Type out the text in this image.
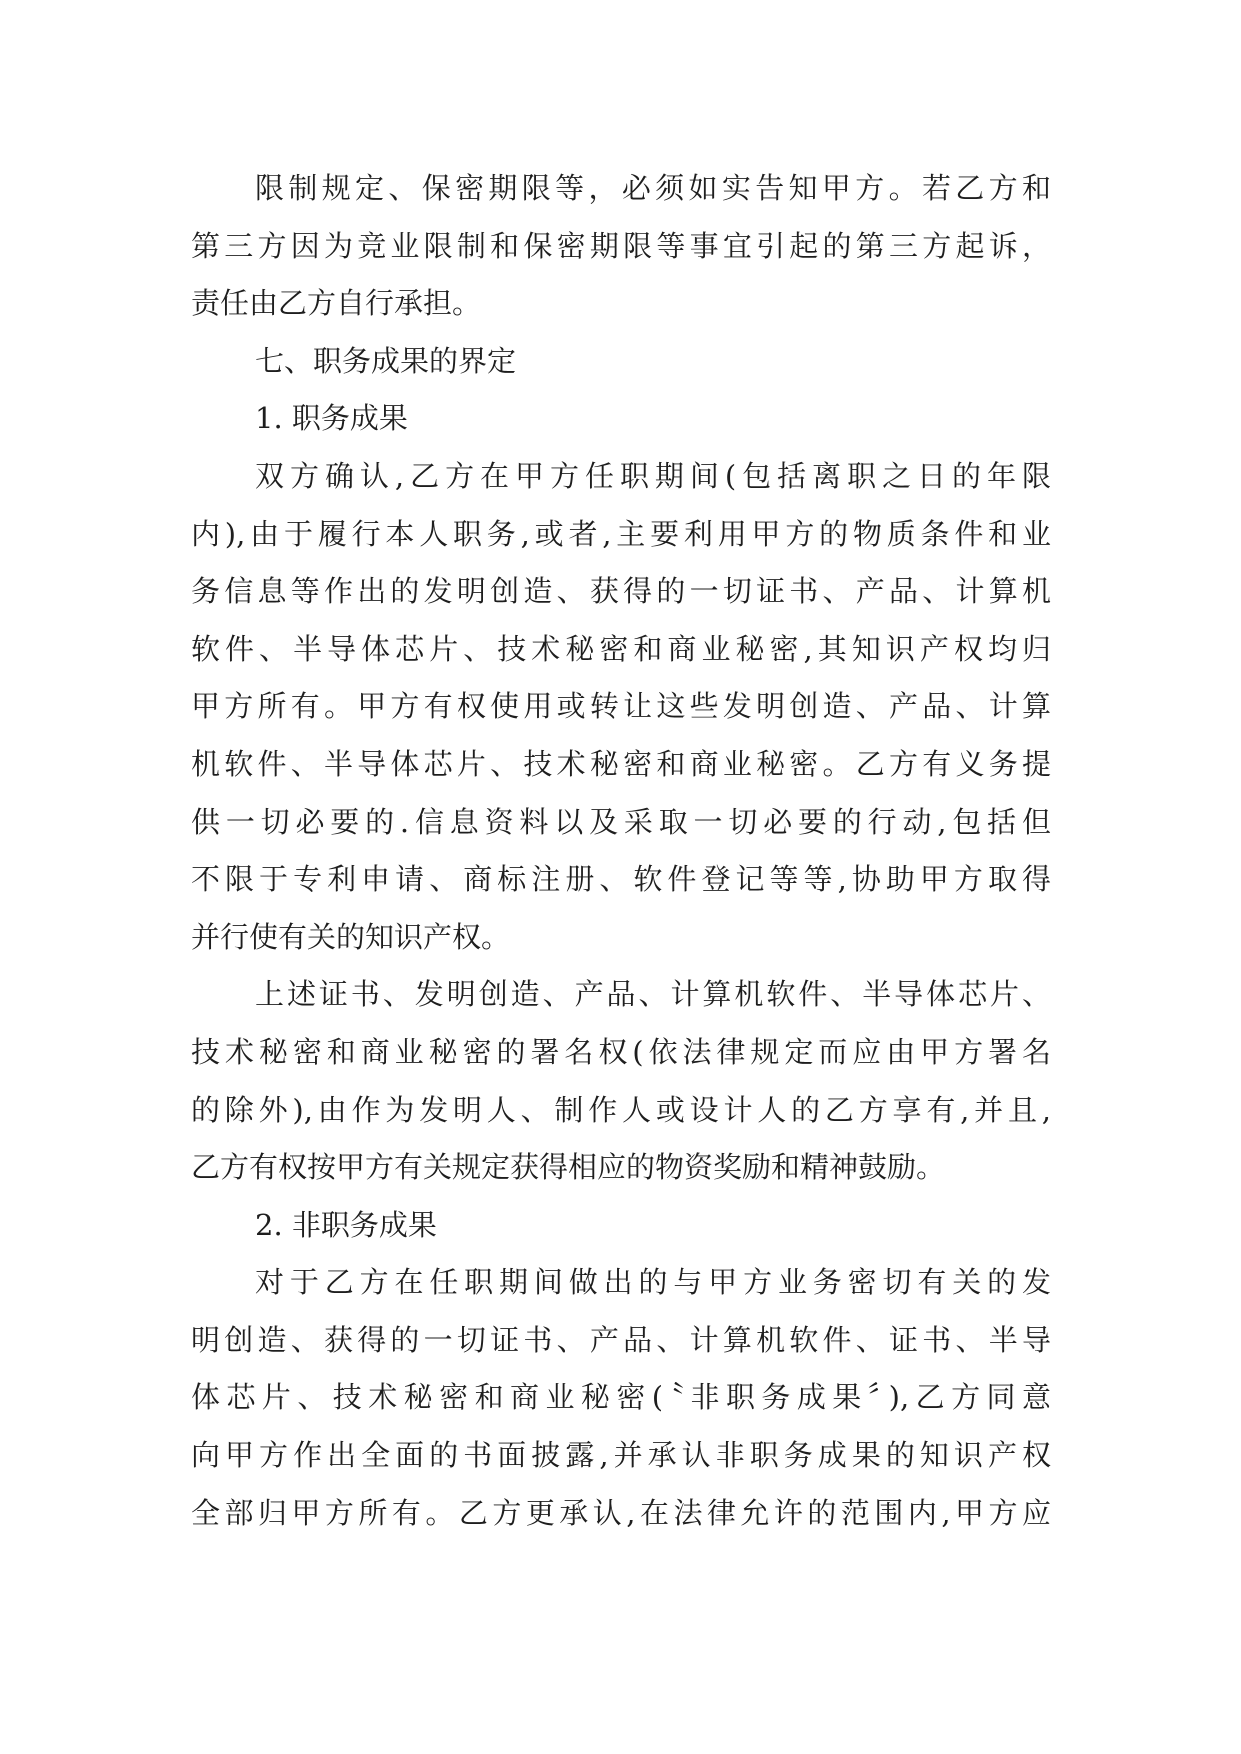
限制规定、保密期限等，必须如实告知甲方。若乙方和
第三方因为竞业限制和保密期限等事宜引起的第三方起诉，
责任由乙方自行承担。
七、职务成果的界定
1. 职务成果
双方确认,乙方在甲方任职期间(包括离职之日的年限
内),由于履行本人职务,或者,主要利用甲方的物质条件和业
务信息等作出的发明创造、获得的一切证书、产品、计算机
软件、半导体芯片、技术秘密和商业秘密,其知识产权均归
甲方所有。甲方有权使用或转让这些发明创造、产品、计算
机软件、半导体芯片、技术秘密和商业秘密。乙方有义务提
供一切必要的.信息资料以及采取一切必要的行动,包括但
不限于专利申请、商标注册、软件登记等等,协助甲方取得
并行使有关的知识产权。
上述证书、发明创造、产品、计算机软件、半导体芯片、
技术秘密和商业秘密的署名权(依法律规定而应由甲方署名
的除外),由作为发明人、制作人或设计人的乙方享有,并且,
乙方有权按甲方有关规定获得相应的物资奖励和精神鼓励。
2. 非职务成果
对于乙方在任职期间做出的与甲方业务密切有关的发
明创造、获得的一切证书、产品、计算机软件、证书、半导
体芯片、技术秘密和商业秘密(〝非职务成果〞),乙方同意
向甲方作出全面的书面披露,并承认非职务成果的知识产权
全部归甲方所有。乙方更承认,在法律允许的范围内,甲方应
